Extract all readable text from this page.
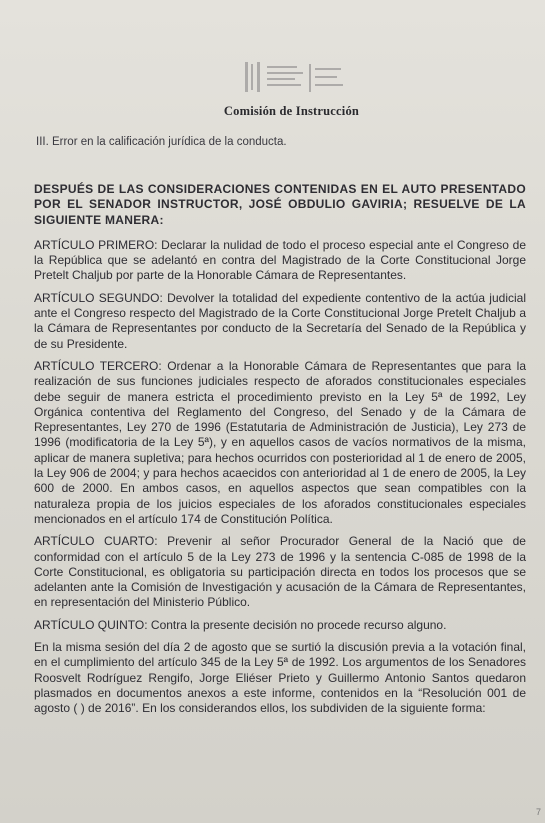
Comisión de Instrucción
III. Error en la calificación jurídica de la conducta.

DESPUÉS DE LAS CONSIDERACIONES CONTENIDAS EN EL AUTO PRESENTADO POR EL SENADOR INSTRUCTOR, JOSÉ OBDULIO GAVIRIA; RESUELVE DE LA SIGUIENTE MANERA:

ARTÍCULO PRIMERO: Declarar la nulidad de todo el proceso especial ante el Congreso de la República que se adelantó en contra del Magistrado de la Corte Constitucional Jorge Pretelt Chaljub por parte de la Honorable Cámara de Representantes.

ARTÍCULO SEGUNDO: Devolver la totalidad del expediente contentivo de la actúa judicial ante el Congreso respecto del Magistrado de la Corte Constitucional Jorge Pretelt Chaljub a la Cámara de Representantes por conducto de la Secretaría del Senado de la República y de su Presidente.

ARTÍCULO TERCERO: Ordenar a la Honorable Cámara de Representantes que para la realización de sus funciones judiciales respecto de aforados constitucionales especiales debe seguir de manera estricta el procedimiento previsto en la Ley 5ª de 1992, Ley Orgánica contentiva del Reglamento del Congreso, del Senado y de la Cámara de Representantes, Ley 270 de 1996 (Estatutaria de Administración de Justicia), Ley 273 de 1996 (modificatoria de la Ley 5ª), y en aquellos casos de vacíos normativos de la misma, aplicar de manera supletiva; para hechos ocurridos con posterioridad al 1 de enero de 2005, la Ley 906 de 2004; y para hechos acaecidos con anterioridad al 1 de enero de 2005, la Ley 600 de 2000. En ambos casos, en aquellos aspectos que sean compatibles con la naturaleza propia de los juicios especiales de los aforados constitucionales especiales mencionados en el artículo 174 de Constitución Política.

ARTÍCULO CUARTO: Prevenir al señor Procurador General de la Nació que de conformidad con el artículo 5 de la Ley 273 de 1996 y la sentencia C-085 de 1998 de la Corte Constitucional, es obligatoria su participación directa en todos los procesos que se adelanten ante la Comisión de Investigación y acusación de la Cámara de Representantes, en representación del Ministerio Público.

ARTÍCULO QUINTO: Contra la presente decisión no procede recurso alguno.

En la misma sesión del día 2 de agosto que se surtió la discusión previa a la votación final, en el cumplimiento del artículo 345 de la Ley 5ª de 1992. Los argumentos de los Senadores Roosvelt Rodríguez Rengifo, Jorge Eliéser Prieto y Guillermo Antonio Santos quedaron plasmados en documentos anexos a este informe, contenidos en la “Resolución 001 de agosto ( ) de 2016”. En los considerandos ellos, los subdividen de la siguiente forma:

7
